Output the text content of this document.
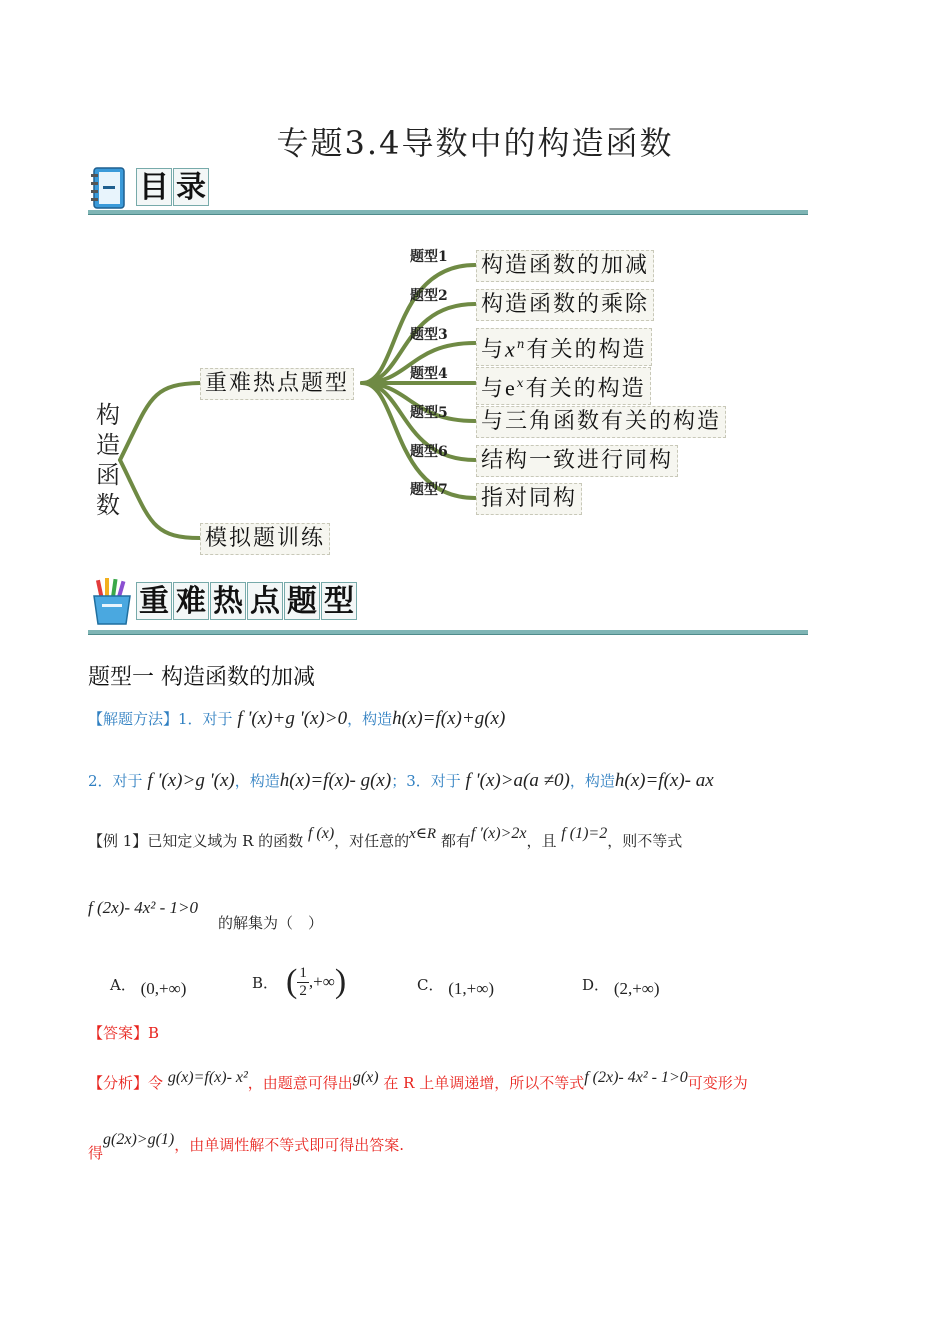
专题3.4导数中的构造函数
目 录
构
造
函
数
重难热点题型
模拟题训练
题型1
题型2
题型3
题型4
题型5
题型6
题型7
构造函数的加减
构造函数的乘除
与$x^n$有关的构造
与$e^x$有关的构造
与三角函数有关的构造
结构一致进行同构
指对同构
重 难 热 点 题 型
题型一 构造函数的加减
【解题方法】1．对于 f '(x)+g '(x)>0，构造h(x)=f(x)+g(x)
2．对于 f '(x)>g '(x)，构造h(x)=f(x)- g(x)；3．对于 f '(x)>a(a ≠0)，构造h(x)=f(x)- ax
【例 1】已知定义域为 R 的函数 f (x)，对任意的x∈R 都有f ′(x)>2x，且 f (1)=2，则不等式
f (2x)- 4x² - 1>0
的解集为（　）
A． (0,+∞)	B． ( $\frac{1}{2}$ ,+∞ )	C． (1,+∞)	D． (2,+∞)
【答案】B
【分析】令 g(x)=f(x)- x²，由题意可得出g(x) 在 R 上单调递增，所以不等式f (2x)- 4x² - 1>0可变形为
得g(2x)>g(1)，由单调性解不等式即可得出答案.
